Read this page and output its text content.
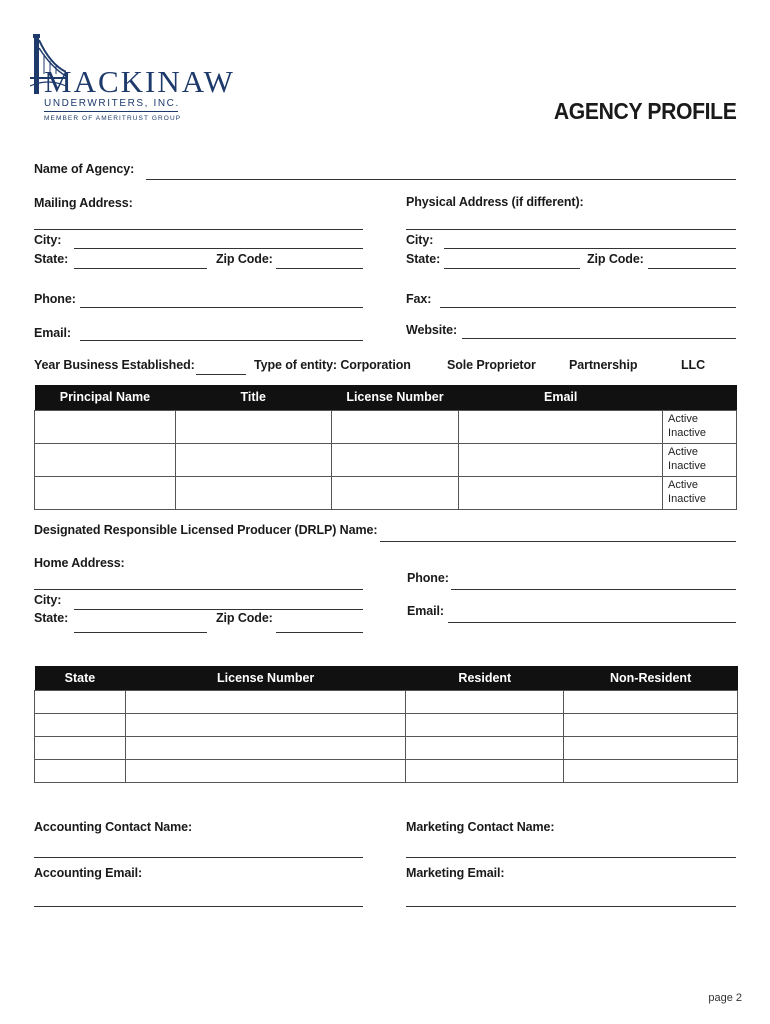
MACKINAW
UNDERWRITERS, INC.
MEMBER OF AMERITRUST GROUP	AGENCY PROFILE
Name of Agency:
Mailing Address:	Physical Address (if different):
City:
State:	Zip Code:
City:
State:	Zip Code:
Phone:	Fax:
Email:	Website:
Year Business Established:	Type of entity: Corporation	Sole Proprietor	Partnership	LLC
Principal Name	Title	License Number	Email	

				Active
Inactive

				Active
Inactive

				Active
Inactive
Designated Responsible Licensed Producer (DRLP) Name:
Home Address:
Phone:
City:
State:	Zip Code:	Email:
State	License Number	Resident	Non-Resident

Accounting Contact Name:	Marketing Contact Name:
Accounting Email:	Marketing Email:
page 2
